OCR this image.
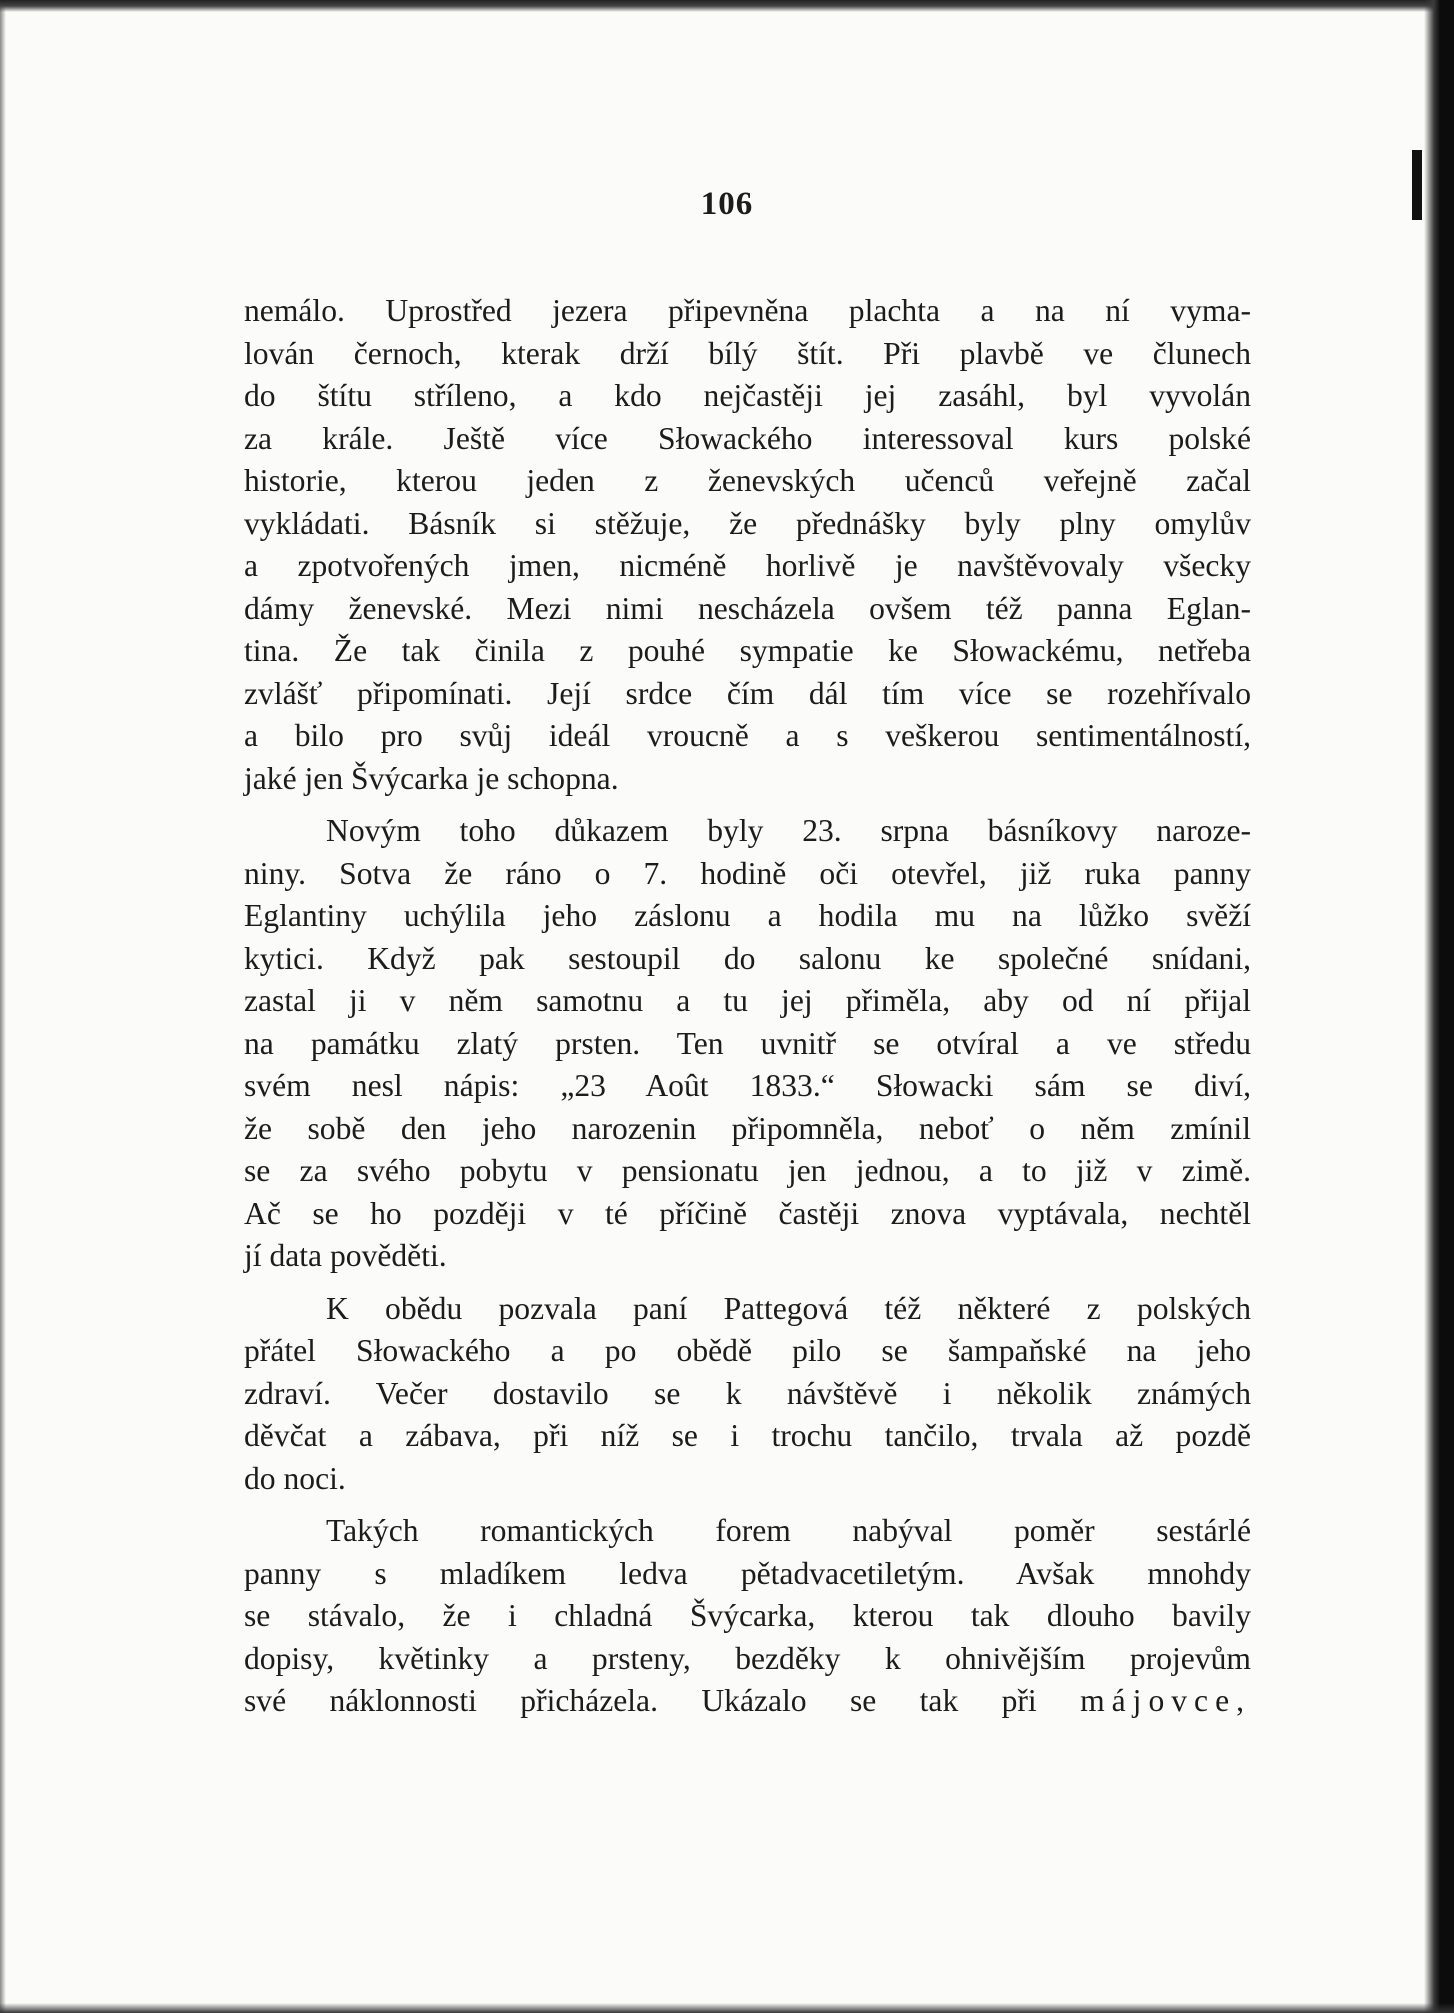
106

nemálo. Uprostřed jezera připevněna plachta a na ní vyma-
lován černoch, kterak drží bílý štít. Při plavbě ve člunech
do štítu stříleno, a kdo nejčastěji jej zasáhl, byl vyvolán
za krále. Ještě více Słowackého interessoval kurs polské
historie, kterou jeden z ženevských učenců veřejně začal
vykládati. Básník si stěžuje, že přednášky byly plny omylův
a zpotvořených jmen, nicméně horlivě je navštěvovaly všecky
dámy ženevské. Mezi nimi nescházela ovšem též panna Eglan-
tina. Že tak činila z pouhé sympatie ke Słowackému, netřeba
zvlášť připomínati. Její srdce čím dál tím více se rozehřívalo
a bilo pro svůj ideál vroucně a s veškerou sentimentálností,
jaké jen Švýcarka je schopna.

Novým toho důkazem byly 23. srpna básníkovy naroze-
niny. Sotva že ráno o 7. hodině oči otevřel, již ruka panny
Eglantiny uchýlila jeho záslonu a hodila mu na lůžko svěží
kytici. Když pak sestoupil do salonu ke společné snídani,
zastal ji v něm samotnu a tu jej přiměla, aby od ní přijal
na památku zlatý prsten. Ten uvnitř se otvíral a ve středu
svém nesl nápis: „23 Août 1833.“ Słowacki sám se diví,
že sobě den jeho narozenin připomněla, neboť o něm zmínil
se za svého pobytu v pensionatu jen jednou, a to již v zimě.
Ač se ho později v té příčině častěji znova vyptávala, nechtěl
jí data pověděti.

K obědu pozvala paní Pattegová též některé z polských
přátel Słowackého a po obědě pilo se šampaňské na jeho
zdraví. Večer dostavilo se k návštěvě i několik známých
děvčat a zábava, při níž se i trochu tančilo, trvala až pozdě
do noci.

Takých romantických forem nabýval poměr sestárlé
panny s mladíkem ledva pětadvacetiletým. Avšak mnohdy
se stávalo, že i chladná Švýcarka, kterou tak dlouho bavily
dopisy, květinky a prsteny, bezděky k ohnivějším projevům
své náklonnosti přicházela. Ukázalo se tak při májovce,
